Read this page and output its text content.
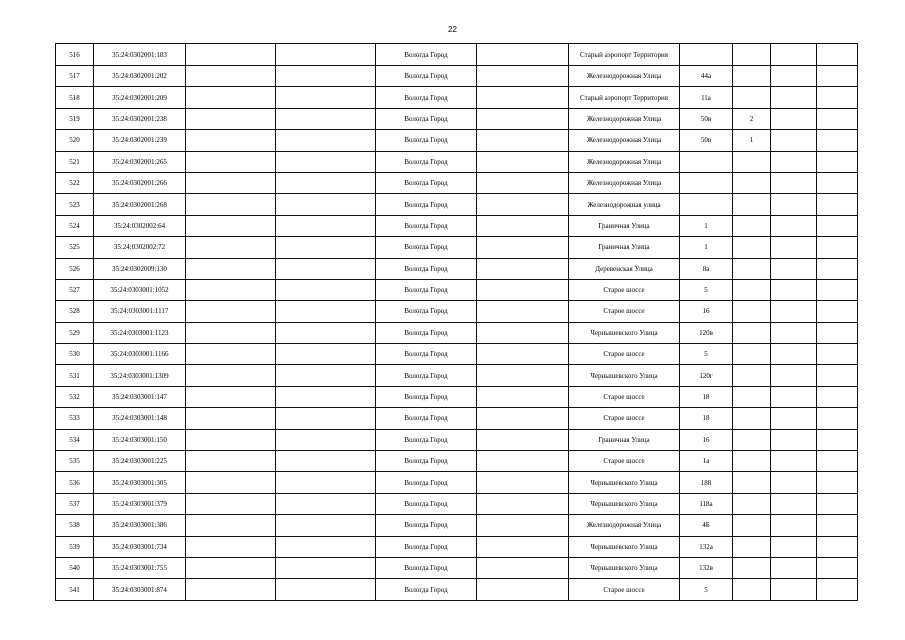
22
516	35:24:0302001:183			Вологда Город		Старый аэропорт Территория				
517	35:24:0302001:202			Вологда Город		Железнодорожная Улица	44а			
518	35:24:0302001:209			Вологда Город		Старый аэропорт Территория	11а			
519	35:24:0302001:238			Вологда Город		Железнодорожная Улица	50в	2		
520	35:24:0302001:239			Вологда Город		Железнодорожная Улица	50в	1		
521	35:24:0302001:265			Вологда Город		Железнодорожная Улица				
522	35:24:0302001:266			Вологда Город		Железнодорожная Улица				
523	35:24:0302001:268			Вологда Город		Железнодорожная улица				
524	35:24:0302002:64			Вологда Город		Граничная Улица	1			
525	35:24:0302002:72			Вологда Город		Граничная Улица	1			
526	35:24:0302009:130			Вологда Город		Деревенская Улица	8а			
527	35:24:0303001:1052			Вологда Город		Старое шоссе	5			
528	35:24:0303001:1117			Вологда Город		Старое шоссе	16			
529	35:24:0303001:1123			Вологда Город		Чернышевского Улица	120в			
530	35:24:0303001:1166			Вологда Город		Старое шоссе	5			
531	35:24:0303001:1309			Вологда Город		Чернышевского Улица	120г			
532	35:24:0303001:147			Вологда Город		Старое шоссе	18			
533	35:24:0303001:148			Вологда Город		Старое шоссе	18			
534	35:24:0303001:150			Вологда Город		Граничная Улица	16			
535	35:24:0303001:225			Вологда Город		Старое шоссе	1а			
536	35:24:0303001:305			Вологда Город		Чернышевского Улица	188			
537	35:24:0303001:379			Вологда Город		Чернышевского Улица	118а			
538	35:24:0303001:386			Вологда Город		Железнодорожная Улица	4Б			
539	35:24:0303001:734			Вологда Город		Чернышевского Улица	132а			
540	35:24:0303001:755			Вологда Город		Чернышевского Улица	132в			
541	35:24:0303001:874			Вологда Город		Старое шоссе	5			
